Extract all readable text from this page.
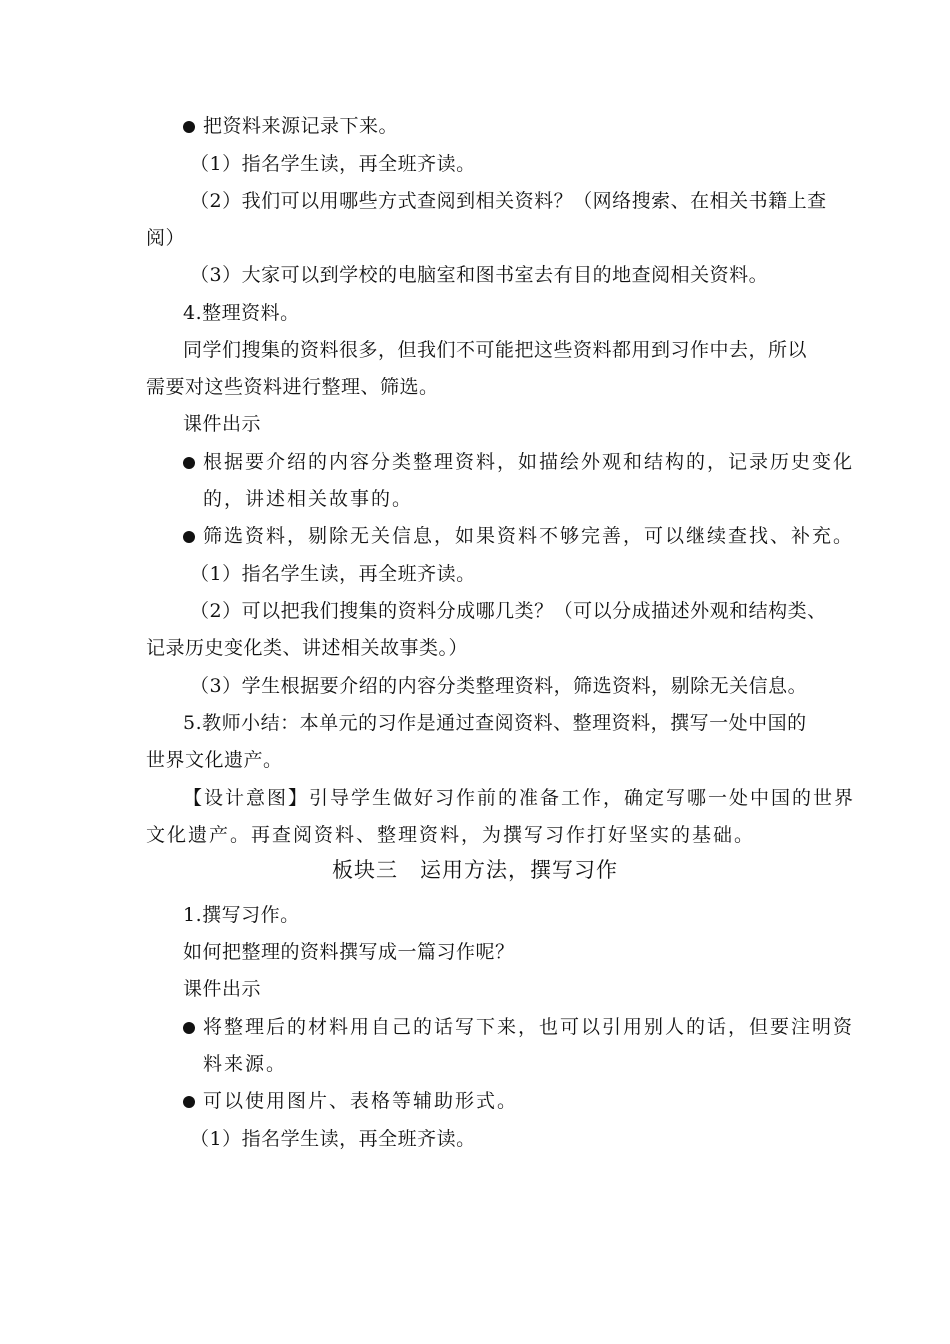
把资料来源记录下来。
（1）指名学生读，再全班齐读。
（2）我们可以用哪些方式查阅到相关资料？（网络搜索、在相关书籍上查
阅）
（3）大家可以到学校的电脑室和图书室去有目的地查阅相关资料。
4.整理资料。
同学们搜集的资料很多，但我们不可能把这些资料都用到习作中去，所以
需要对这些资料进行整理、筛选。
课件出示
根据要介绍的内容分类整理资料，如描绘外观和结构的，记录历史变化
的，讲述相关故事的。
筛选资料，剔除无关信息，如果资料不够完善，可以继续查找、补充。
（1）指名学生读，再全班齐读。
（2）可以把我们搜集的资料分成哪几类？（可以分成描述外观和结构类、
记录历史变化类、讲述相关故事类。）
（3）学生根据要介绍的内容分类整理资料，筛选资料，剔除无关信息。
5.教师小结：本单元的习作是通过查阅资料、整理资料，撰写一处中国的
世界文化遗产。
【设计意图】引导学生做好习作前的准备工作，确定写哪一处中国的世界
文化遗产。再查阅资料、整理资料，为撰写习作打好坚实的基础。
板块三　运用方法，撰写习作
1.撰写习作。
如何把整理的资料撰写成一篇习作呢？
课件出示
将整理后的材料用自己的话写下来，也可以引用别人的话，但要注明资
料来源。
可以使用图片、表格等辅助形式。
（1）指名学生读，再全班齐读。
